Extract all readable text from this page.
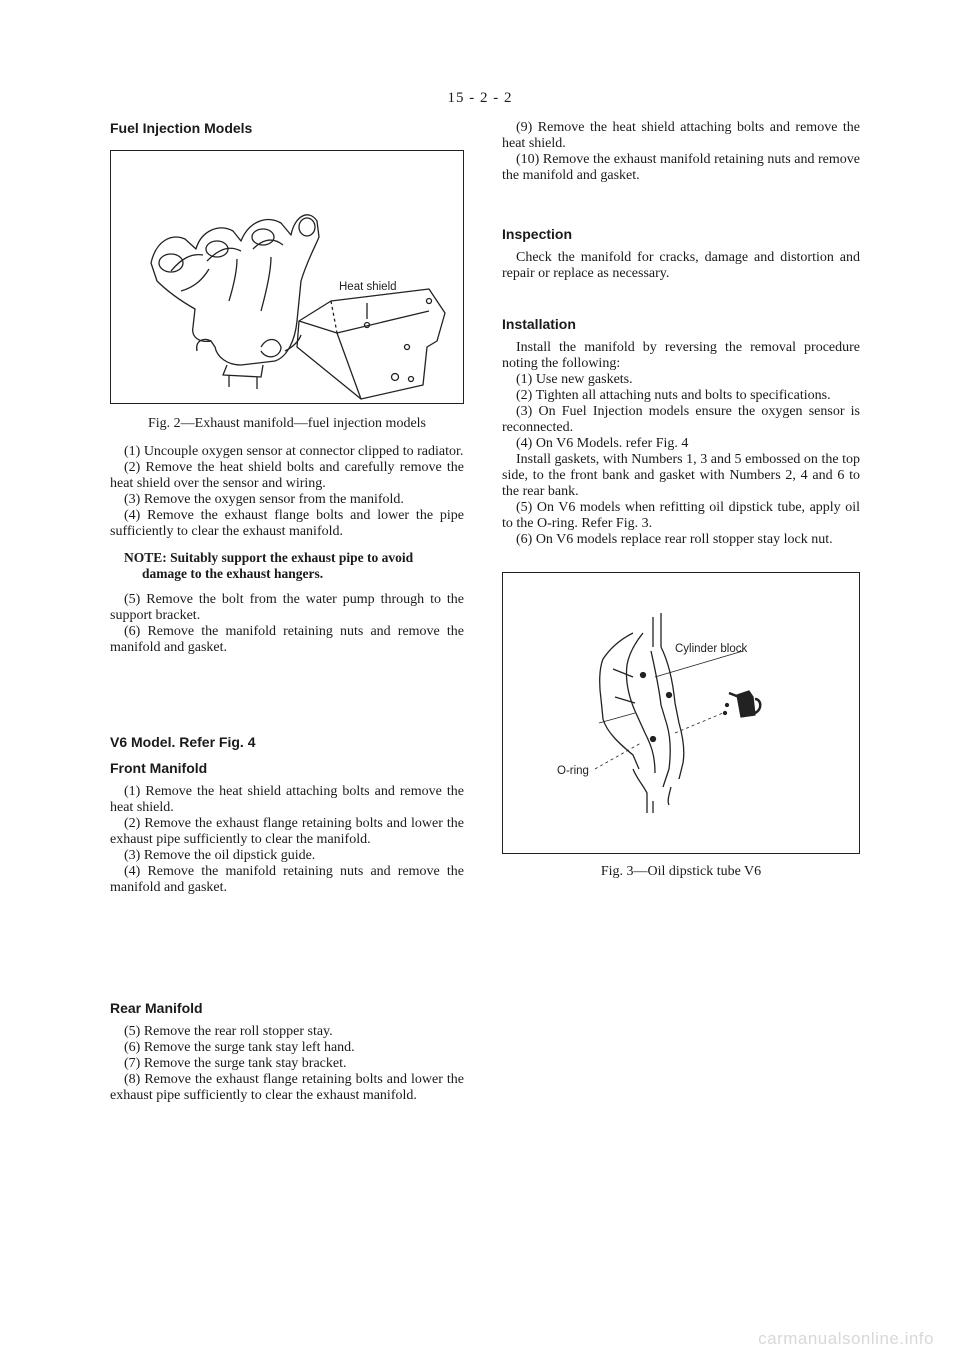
15 - 2 - 2
Fuel Injection Models
Heat shield

Fig. 2—Exhaust manifold—fuel injection models

(1) Uncouple oxygen sensor at connector clipped to radiator.

(2) Remove the heat shield bolts and carefully remove the heat shield over the sensor and wiring.

(3) Remove the oxygen sensor from the manifold.

(4) Remove the exhaust flange bolts and lower the pipe sufficiently to clear the exhaust manifold.

NOTE: Suitably support the exhaust pipe to avoid
damage to the exhaust hangers.

(5) Remove the bolt from the water pump through to the support bracket.

(6) Remove the manifold retaining nuts and remove the manifold and gasket.

V6 Model. Refer Fig. 4
Front Manifold

(1) Remove the heat shield attaching bolts and remove the heat shield.

(2) Remove the exhaust flange retaining bolts and lower the exhaust pipe sufficiently to clear the manifold.

(3) Remove the oil dipstick guide.

(4) Remove the manifold retaining nuts and remove the manifold and gasket.

Rear Manifold

(5) Remove the rear roll stopper stay.

(6) Remove the surge tank stay left hand.

(7) Remove the surge tank stay bracket.

(8) Remove the exhaust flange retaining bolts and lower the exhaust pipe sufficiently to clear the exhaust manifold.

(9) Remove the heat shield attaching bolts and remove the heat shield.

(10) Remove the exhaust manifold retaining nuts and remove the manifold and gasket.

Inspection

Check the manifold for cracks, damage and distortion and repair or replace as necessary.

Installation

Install the manifold by reversing the removal procedure noting the following:

(1) Use new gaskets.

(2) Tighten all attaching nuts and bolts to specifications.

(3) On Fuel Injection models ensure the oxygen sensor is reconnected.

(4) On V6 Models. refer Fig. 4

Install gaskets, with Numbers 1, 3 and 5 embossed on the top side, to the front bank and gasket with Numbers 2, 4 and 6 to the rear bank.

(5) On V6 models when refitting oil dipstick tube, apply oil to the O-ring. Refer Fig. 3.

(6) On V6 models replace rear roll stopper stay lock nut.

Cylinder block
O-ring

Fig. 3—Oil dipstick tube V6

carmanualsonline.info
